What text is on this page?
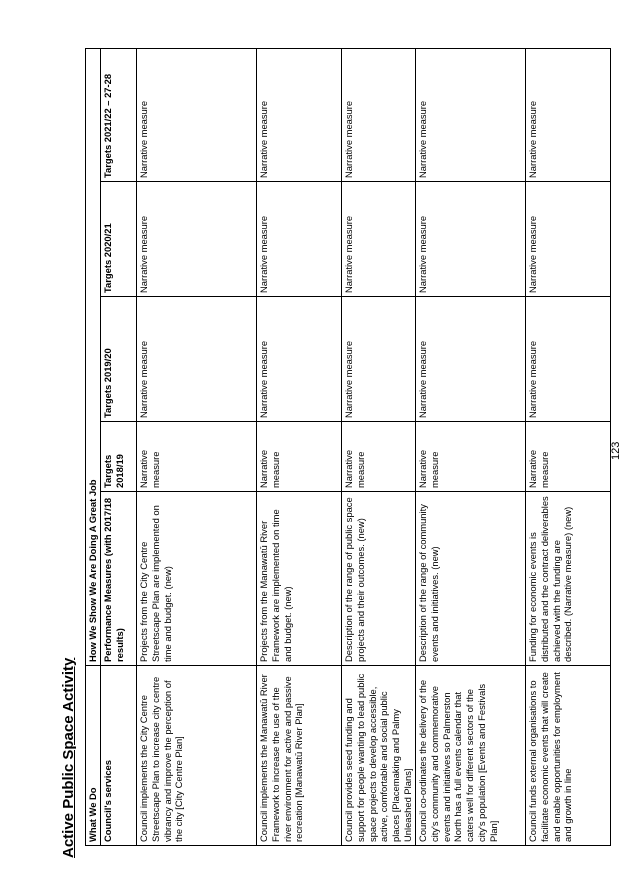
Active Public Space Activity What We Do	How We Show We Are Doing A Great Job				
Council's services	Performance Measures (with 2017/18 results)	Targets 2018/19	Targets 2019/20	Targets 2020/21	Targets 2021/22 – 27-28
Council implements the City Centre Streetscape Plan to increase city centre vibrancy and improve the perception of the city [City Centre Plan]	Projects from the City Centre Streetscape Plan are implemented on time and budget. (new)	Narrative measure	Narrative measure	Narrative measure	Narrative measure
Council implements the Manawatū River Framework to increase the use of the river environment for active and passive recreation [Manawatū River Plan]	Projects from the Manawatū River Framework are implemented on time and budget. (new)	Narrative measure	Narrative measure	Narrative measure	Narrative measure
Council provides seed funding and support for people wanting to lead public space projects to develop accessible, active, comfortable and social public places [Placemaking and Palmy Unleashed Plans]	Description of the range of public space projects and their outcomes. (new)	Narrative measure	Narrative measure	Narrative measure	Narrative measure
Council co-ordinates the delivery of the city's community and commemorative events and initiatives so Palmerston North has a full events calendar that caters well for different sectors of the city's population [Events and Festivals Plan]	Description of the range of community events and initiatives. (new)	Narrative measure	Narrative measure	Narrative measure	Narrative measure
Council funds external organisations to facilitate economic events that will create and enable opportunities for employment and growth in line	Funding for economic events is distributed and the contract deliverables achieved with the funding are described. (Narrative measure) (new)	Narrative measure	Narrative measure	Narrative measure	Narrative measure

123
